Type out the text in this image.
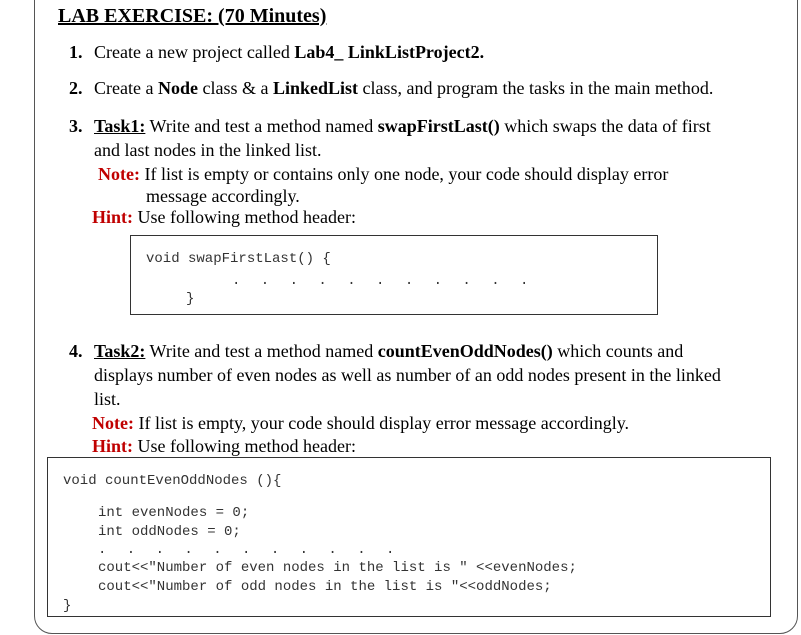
LAB EXERCISE: (70 Minutes)
1. Create a new project called Lab4_ LinkListProject2.
2. Create a Node class & a LinkedList class, and program the tasks in the main method.
3. Task1: Write and test a method named swapFirstLast() which swaps the data of first
and last nodes in the linked list.
Note: If list is empty or contains only one node, your code should display error
message accordingly.
Hint: Use following method header:
void swapFirstLast() {
. . . . . . . . . . .
}
4. Task2: Write and test a method named countEvenOddNodes() which counts and
displays number of even nodes as well as number of an odd nodes present in the linked
list.
Note: If list is empty, your code should display error message accordingly.
Hint: Use following method header:
void countEvenOddNodes (){
int evenNodes = 0;
int oddNodes = 0;
. . . . . . . . . . .
cout<<"Number of even nodes in the list is " <<evenNodes;
cout<<"Number of odd nodes in the list is "<<oddNodes;
}
